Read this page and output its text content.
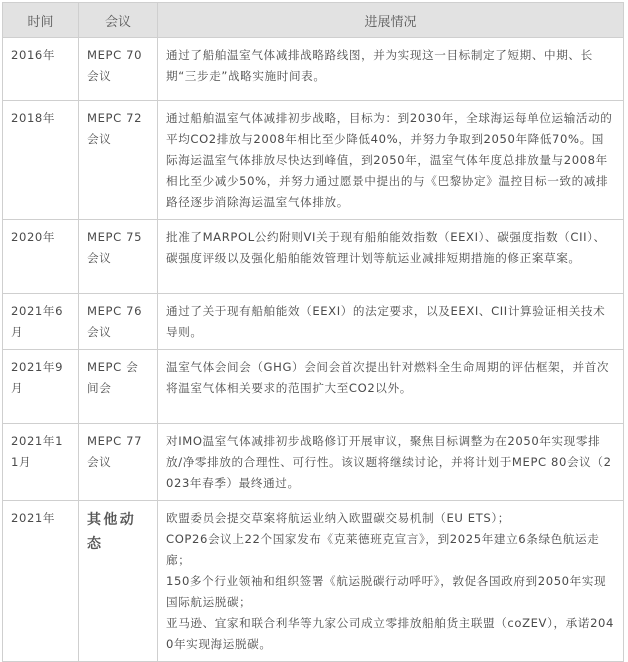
时间	会议	进展情况
2016年	MEPC 70会议	通过了船舶温室气体减排战略路线图，并为实现这一目标制定了短期、中期、长期“三步走”战略实施时间表。

2018年	MEPC 72会议	通过船舶温室气体减排初步战略，目标为：到2030年，全球海运每单位运输活动的平均CO2排放与2008年相比至少降低40%，并努力争取到2050年降低70%。国际海运温室气体排放尽快达到峰值，到2050年，温室气体年度总排放量与2008年相比至少减少50%，并努力通过愿景中提出的与《巴黎协定》温控目标一致的减排路径逐步消除海运温室气体排放。

2020年	MEPC 75会议	批准了MARPOL公约附则VI关于现有船舶能效指数（EEXI）、碳强度指数（CII）、碳强度评级以及强化船舶能效管理计划等航运业减排短期措施的修正案草案。

2021年6月	MEPC 76会议	通过了关于现有船舶能效（EEXI）的法定要求，以及EEXI、CII计算验证相关技术导则。

2021年9月	MEPC 会间会	温室气体会间会（GHG）会间会首次提出针对燃料全生命周期的评估框架，并首次将温室气体相关要求的范围扩大至CO2以外。

2021年11月	MEPC 77会议	对IMO温室气体减排初步战略修订开展审议，聚焦目标调整为在2050年实现零排放/净零排放的合理性、可行性。该议题将继续讨论，并将计划于MEPC 80会议（2023年春季）最终通过。

2021年	其他动态	欧盟委员会提交草案将航运业纳入欧盟碳交易机制（EU ETS）；
COP26会议上22个国家发布《克莱德班克宣言》，到2025年建立6条绿色航运走廊；
150多个行业领袖和组织签署《航运脱碳行动呼吁》，敦促各国政府到2050年实现国际航运脱碳；
亚马逊、宜家和联合利华等九家公司成立零排放船舶货主联盟（coZEV），承诺2040年实现海运脱碳。
